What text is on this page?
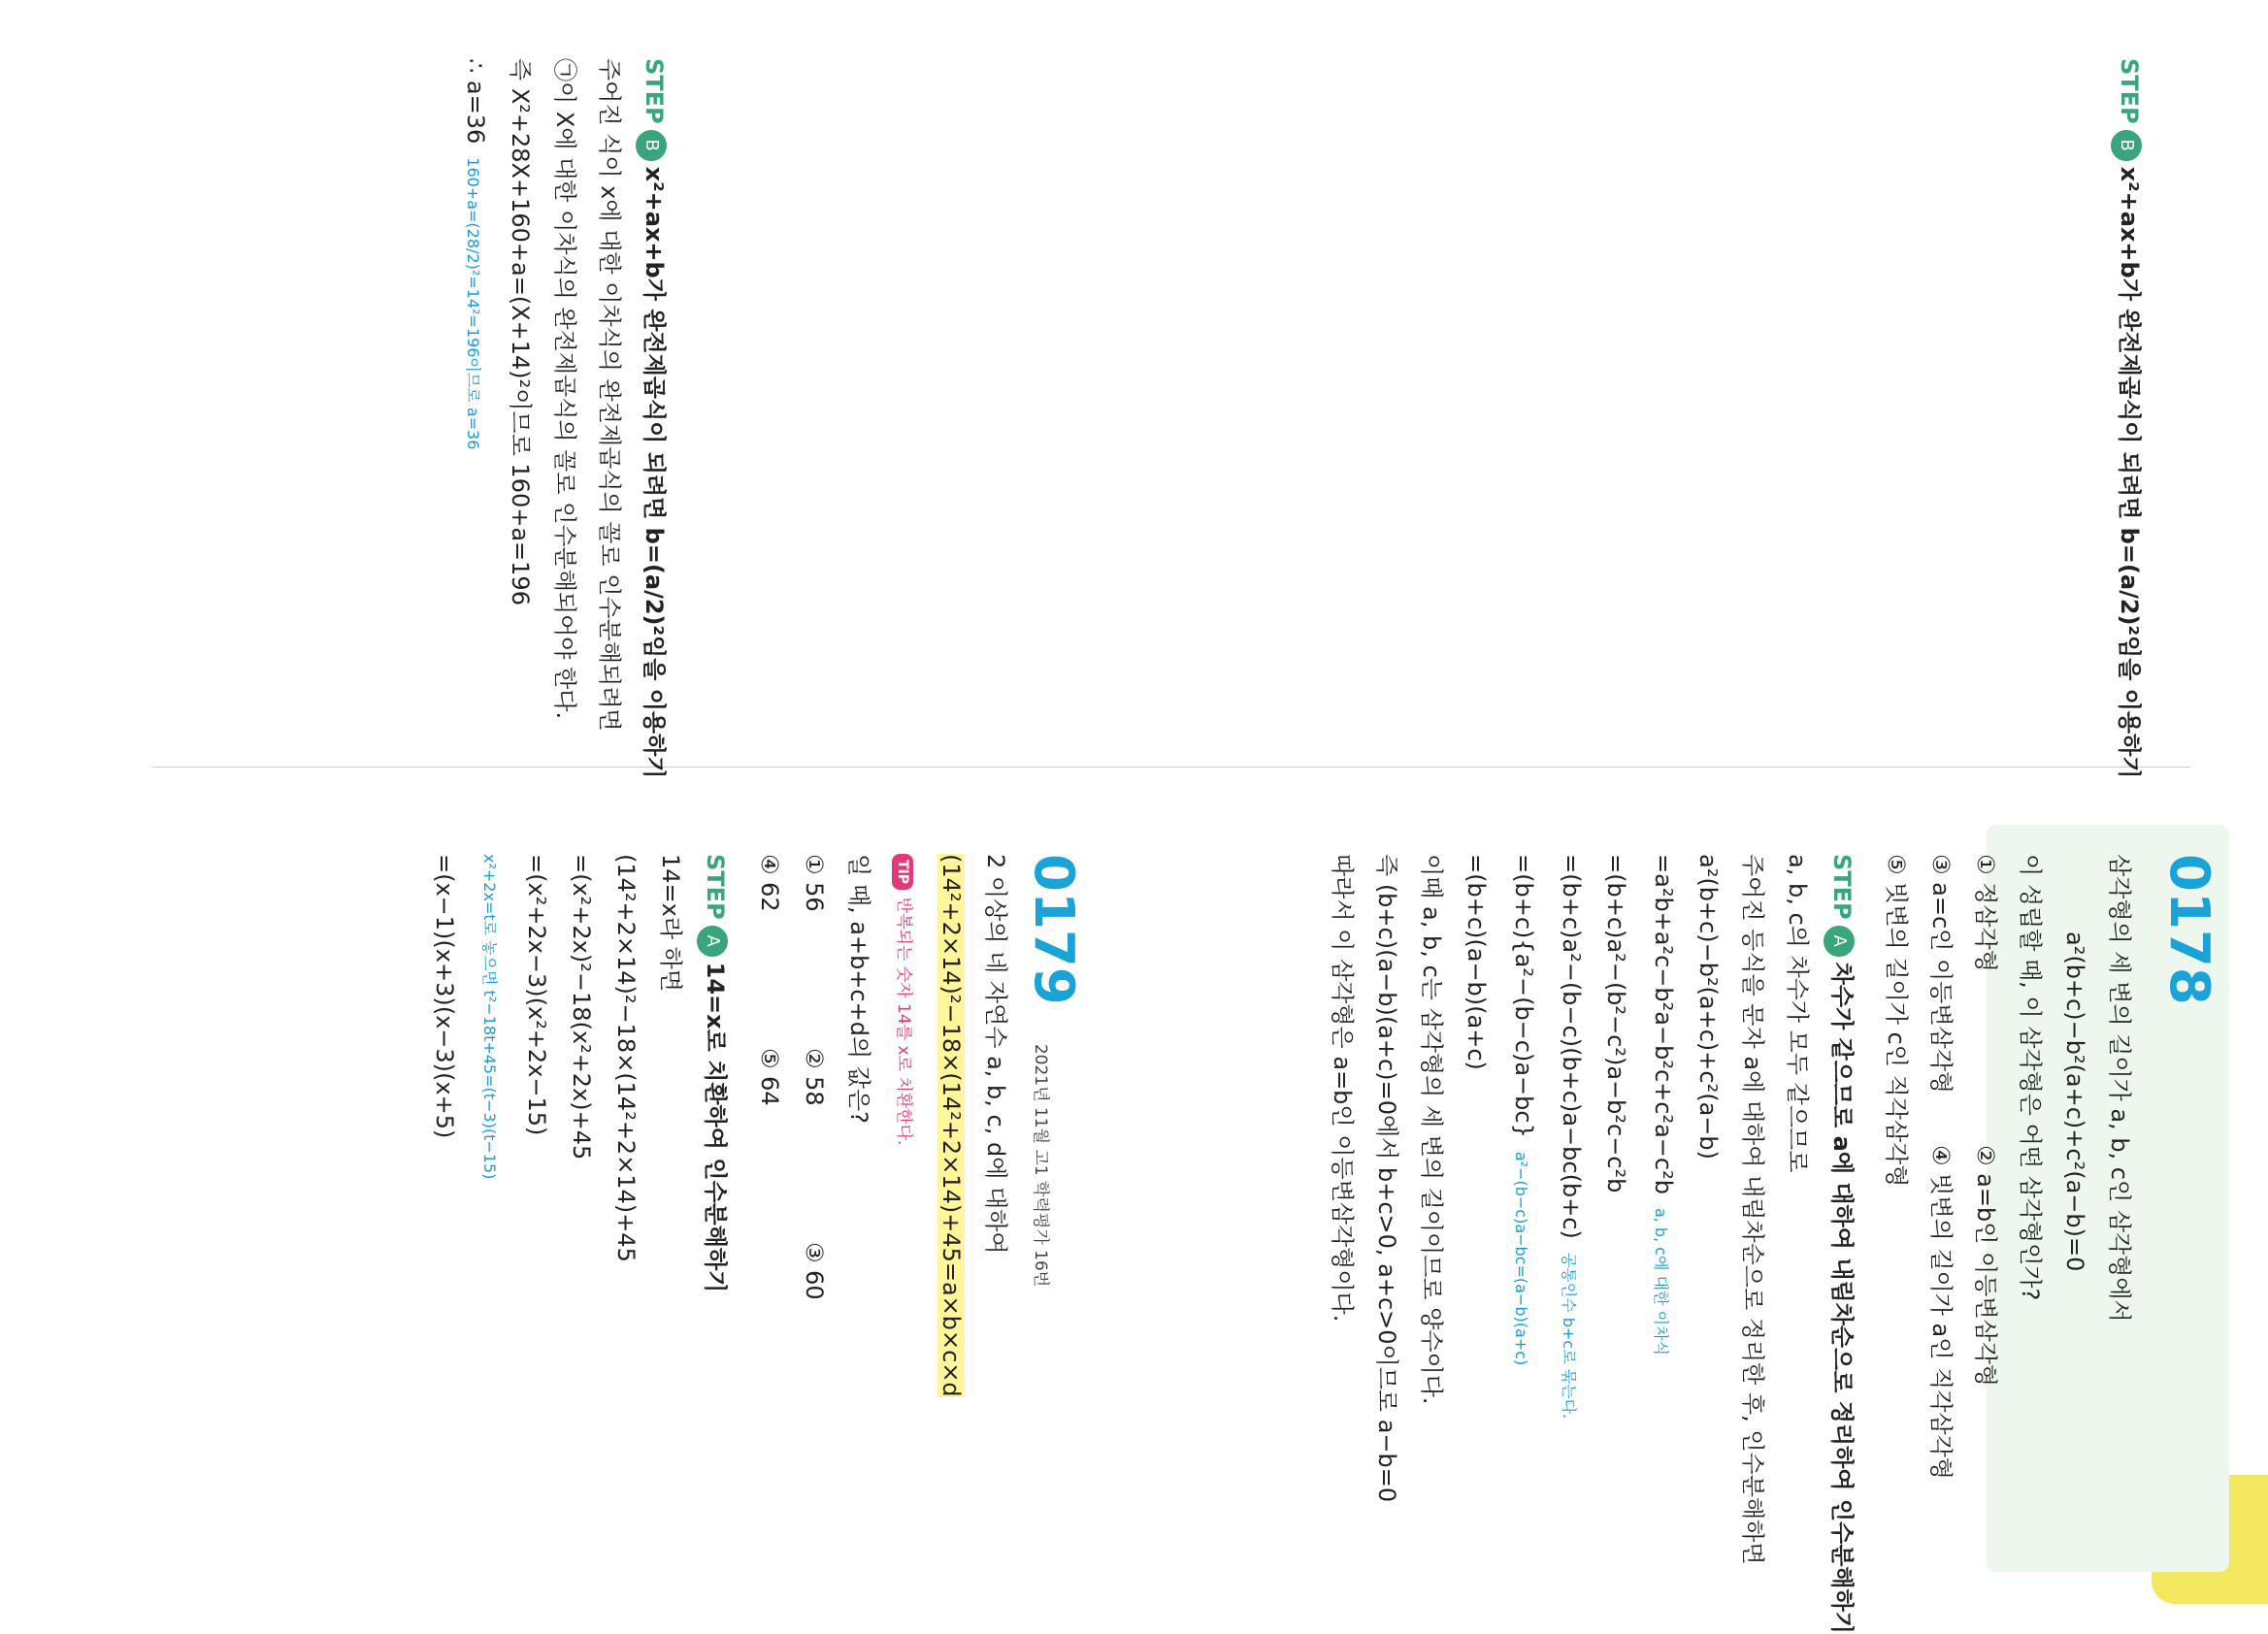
STEPBx²+ax+b가 완전제곱식이 되려면 b=(a/2)²임을 이용하기
주어진 식이 x에 대한 이차식의 완전제곱식의 꼴로 인수분해되려면
㉠이 X에 대한 이차식의 완전제곱식의 꼴로 인수분해되어야 한다.
즉 X²+28X+160+a=(X+14)²이므로 160+a=196
∴ a=36160+a=(28/2)²=14²=196이므로 a=36
STEPBx²+ax+b가 완전제곱식이 되려면 b=(a/2)²임을 이용하기
0178
삼각형의 세 변의 길이가 a, b, c인 삼각형에서
a²(b+c)−b²(a+c)+c²(a−b)=0
이 성립할 때, 이 삼각형은 어떤 삼각형인가?
① 정삼각형② a=b인 이등변삼각형
③ a=c인 이등변삼각형④ 빗변의 길이가 a인 직각삼각형
⑤ 빗변의 길이가 c인 직각삼각형
STEPA차수가 같으므로 a에 대하여 내림차순으로 정리하여 인수분해하기
a, b, c의 차수가 모두 같으므로
주어진 등식을 문자 a에 대하여 내림차순으로 정리한 후, 인수분해하면
a²(b+c)−b²(a+c)+c²(a−b)
=a²b+a²c−b²a−b²c+c²a−c²ba, b, c에 대한 이차식
=(b+c)a²−(b²−c²)a−b²c−c²b
=(b+c)a²−(b−c)(b+c)a−bc(b+c)공통인수 b+c로 묶는다.
=(b+c){a²−(b−c)a−bc}a²−(b−c)a−bc=(a−b)(a+c)
=(b+c)(a−b)(a+c)
이때 a, b, c는 삼각형의 세 변의 길이이므로 양수이다.
즉 (b+c)(a−b)(a+c)=0에서 b+c>0, a+c>0이므로 a−b=0
따라서 이 삼각형은 a=b인 이등변삼각형이다.
01792021년 11월 고1 학력평가 16번
2 이상의 네 자연수 a, b, c, d에 대하여
(14²+2×14)²−18×(14²+2×14)+45=a×b×c×d
TIP 반복되는 숫자 14를 x로 치환한다.
일 때, a+b+c+d의 값은?
① 56② 58③ 60
④ 62⑤ 64
STEPA14=x로 치환하여 인수분해하기
14=x라 하면
(14²+2×14)²−18×(14²+2×14)+45
=(x²+2x)²−18(x²+2x)+45
=(x²+2x−3)(x²+2x−15)
x²+2x=t로 놓으면 t²−18t+45=(t−3)(t−15)
=(x−1)(x+3)(x−3)(x+5)
